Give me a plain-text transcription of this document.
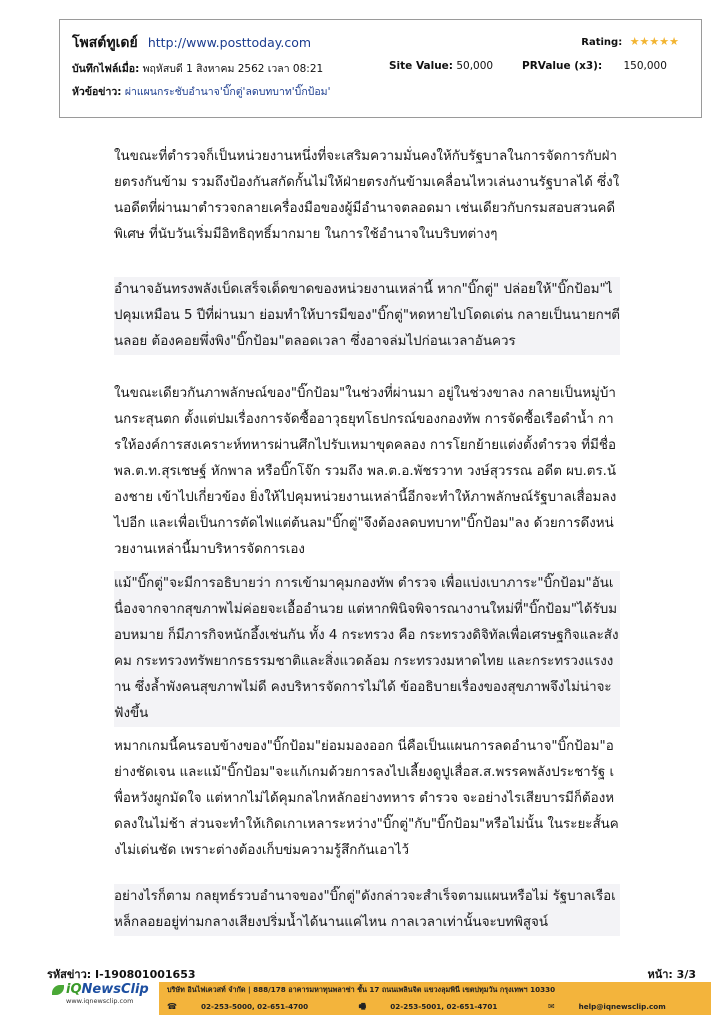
โพสต์ทูเดย์ http://www.posttoday.com	Rating: ★★★★★
บันทึกไฟล์เมื่อ: พฤหัสบดี 1 สิงหาคม 2562 เวลา 08:21	Site Value: 50,000	PRValue (x3): 150,000
หัวข้อข่าว: ผ่าแผนกระชับอำนาจ'บิ๊กตู่'ลดบทบาท'บิ๊กป้อม'

ในขณะที่ตำรวจก็เป็นหน่วยงานหนึ่งที่จะเสริมความมั่นคงให้กับรัฐบาลในการจัดการกับฝ่ายตรงกันข้าม รวมถึงป้องกันสกัดกั้นไม่ให้ฝ่ายตรงกันข้ามเคลื่อนไหวเล่นงานรัฐบาลได้ ซึ่งในอดีตที่ผ่านมาตำรวจกลายเครื่องมือของผู้มีอำนาจตลอดมา เช่นเดียวกับกรมสอบสวนคดีพิเศษ ที่นับวันเริ่มมีอิทธิฤทธิ์มากมาย ในการใช้อำนาจในบริบทต่างๆ

อำนาจอันทรงพลังเบ็ดเสร็จเด็ดขาดของหน่วยงานเหล่านี้ หาก"บิ๊กตู่" ปล่อยให้"บิ๊กป้อม"ไปคุมเหมือน 5 ปีที่ผ่านมา ย่อมทำให้บารมีของ"บิ๊กตู่"หดหายไปโดดเด่น กลายเป็นนายกฯตีนลอย ต้องคอยพึ่งพิง"บิ๊กป้อม"ตลอดเวลา ซึ่งอาจล่มไปก่อนเวลาอันควร

ในขณะเดียวกันภาพลักษณ์ของ"บิ๊กป้อม"ในช่วงที่ผ่านมา อยู่ในช่วงขาลง กลายเป็นหมู่บ้านกระสุนตก ตั้งแต่ปมเรื่องการจัดซื้ออาวุธยุทโธปกรณ์ของกองทัพ การจัดซื้อเรือดำน้ำ การให้องค์การสงเคราะห์ทหารผ่านศึกไปรับเหมาขุดคลอง การโยกย้ายแต่งตั้งตำรวจ ที่มีชื่อ พล.ต.ท.สุรเชษฐ์ หักพาล หรือบิ๊กโจ๊ก รวมถึง พล.ต.อ.พัชรวาท วงษ์สุวรรณ อดีต ผบ.ตร.น้องชาย เข้าไปเกี่ยวข้อง ยิ่งให้ไปคุมหน่วยงานเหล่านี้อีกจะทำให้ภาพลักษณ์รัฐบาลเสื่อมลงไปอีก และเพื่อเป็นการตัดไฟแต่ต้นลม"บิ๊กตู่"จึงต้องลดบทบาท"บิ๊กป้อม"ลง ด้วยการดึงหน่วยงานเหล่านี้มาบริหารจัดการเอง

แม้"บิ๊กตู่"จะมีการอธิบายว่า การเข้ามาคุมกองทัพ ตำรวจ เพื่อแบ่งเบาภาระ"บิ๊กป้อม"อันเนื่องจากจากสุขภาพไม่ค่อยจะเอื้ออำนวย แต่หากพินิจพิจารณางานใหม่ที่"บิ๊กป้อม"ได้รับมอบหมาย ก็มีภารกิจหนักอึ้งเช่นกัน ทั้ง 4 กระทรวง คือ กระทรวงดิจิทัลเพื่อเศรษฐกิจและสังคม กระทรวงทรัพยากรธรรมชาติและสิ่งแวดล้อม กระทรวงมหาดไทย และกระทรวงแรงงาน ซึ่งล้ำพังคนสุขภาพไม่ดี คงบริหารจัดการไม่ได้ ข้ออธิบายเรื่องของสุขภาพจึงไม่น่าจะฟังขึ้น

หมากเกมนี้คนรอบข้างของ"บิ๊กป้อม"ย่อมมองออก นี่คือเป็นแผนการลดอำนาจ"บิ๊กป้อม"อย่างชัดเจน และแม้"บิ๊กป้อม"จะแก้เกมด้วยการลงไปเลี้ยงดูปูเสื่อส.ส.พรรคพลังประชารัฐ เพื่อหวังผูกมัดใจ แต่หากไม่ได้คุมกลไกหลักอย่างทหาร ตำรวจ จะอย่างไรเสียบารมีก็ต้องหดลงในไม่ช้า ส่วนจะทำให้เกิดเกาเหลาระหว่าง"บิ๊กตู่"กับ"บิ๊กป้อม"หรือไม่นั้น ในระยะสั้นคงไม่เด่นชัด เพราะต่างต้องเก็บข่มความรู้สึกกันเอาไว้

อย่างไรก็ตาม กลยุทธ์รวบอำนาจของ"บิ๊กตู่"ดังกล่าวจะสำเร็จตามแผนหรือไม่ รัฐบาลเรือเหล็กลอยอยู่ท่ามกลางเสียงปริ่มน้ำได้นานแค่ไหน กาลเวลาเท่านั้นจะบทพิสูจน์

รหัสข่าว: I-190801001653	หน้า: 3/3
iQNewsClip
www.iqnewsclip.com
บริษัท อินไฟเควสท์ จำกัด | 888/178 อาคารมหาทุนพลาซ่า ชั้น 17 ถนนเพลินจิต แขวงลุมพินี เขตปทุมวัน กรุงเทพฯ 10330
☎	02-253-5000, 02-651-4700	🖷	02-253-5001, 02-651-4701	✉	help@iqnewsclip.com
